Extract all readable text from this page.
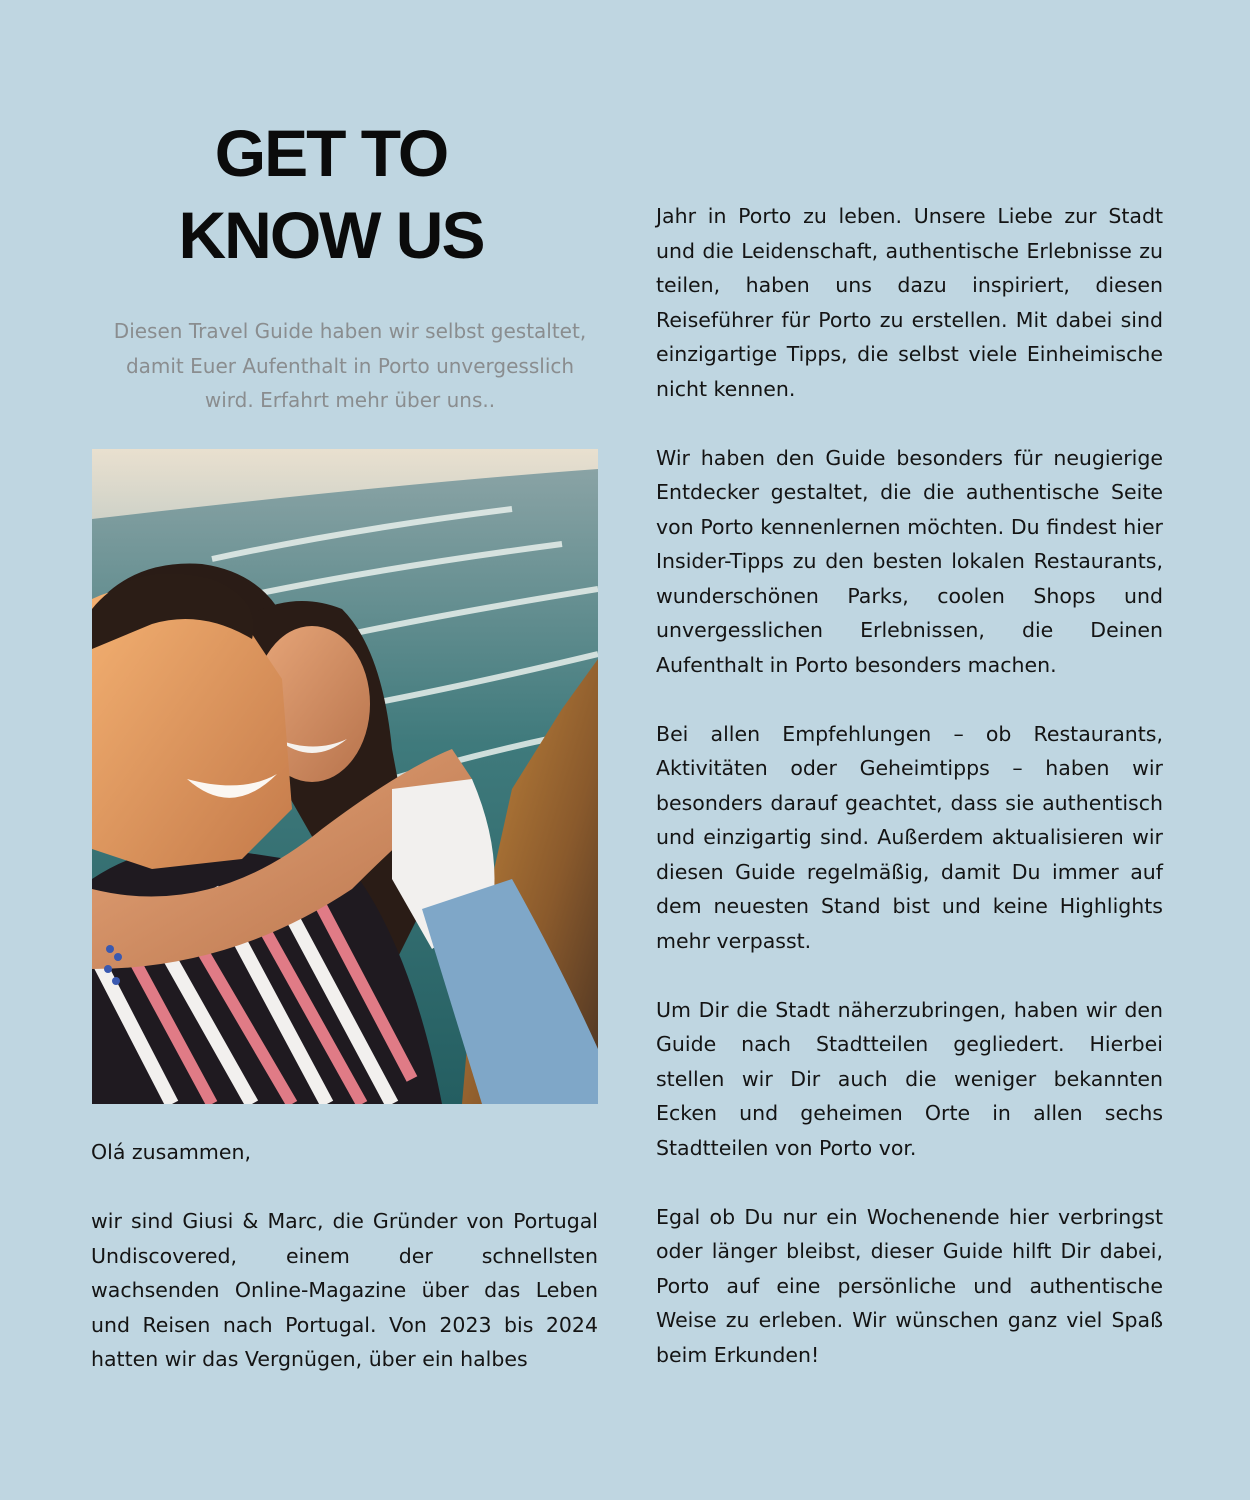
GET TO
KNOW US

Diesen Travel Guide haben wir selbst gestaltet, damit Euer Aufenthalt in Porto unvergesslich wird. Erfahrt mehr über uns..

Olá zusammen,

wir sind Giusi & Marc, die Gründer von Portugal Undiscovered, einem der schnellsten wachsenden Online-Magazine über das Leben und Reisen nach Portugal. Von 2023 bis 2024 hatten wir das Vergnügen, über ein halbes

Jahr in Porto zu leben. Unsere Liebe zur Stadt und die Leidenschaft, authentische Erlebnisse zu teilen, haben uns dazu inspiriert, diesen Reiseführer für Porto zu erstellen. Mit dabei sind einzigartige Tipps, die selbst viele Einheimische nicht kennen.

Wir haben den Guide besonders für neugierige Entdecker gestaltet, die die authentische Seite von Porto kennenlernen möchten. Du findest hier Insider-Tipps zu den besten lokalen Restaurants, wunderschönen Parks, coolen Shops und unvergesslichen Erlebnissen, die Deinen Aufenthalt in Porto besonders machen.

Bei allen Empfehlungen – ob Restaurants, Aktivitäten oder Geheimtipps – haben wir besonders darauf geachtet, dass sie authentisch und einzigartig sind. Außerdem aktualisieren wir diesen Guide regelmäßig, damit Du immer auf dem neuesten Stand bist und keine Highlights mehr verpasst.

Um Dir die Stadt näherzubringen, haben wir den Guide nach Stadtteilen gegliedert. Hierbei stellen wir Dir auch die weniger bekannten Ecken und geheimen Orte in allen sechs Stadtteilen von Porto vor.

Egal ob Du nur ein Wochenende hier verbringst oder länger bleibst, dieser Guide hilft Dir dabei, Porto auf eine persönliche und authentische Weise zu erleben. Wir wünschen ganz viel Spaß beim Erkunden!
